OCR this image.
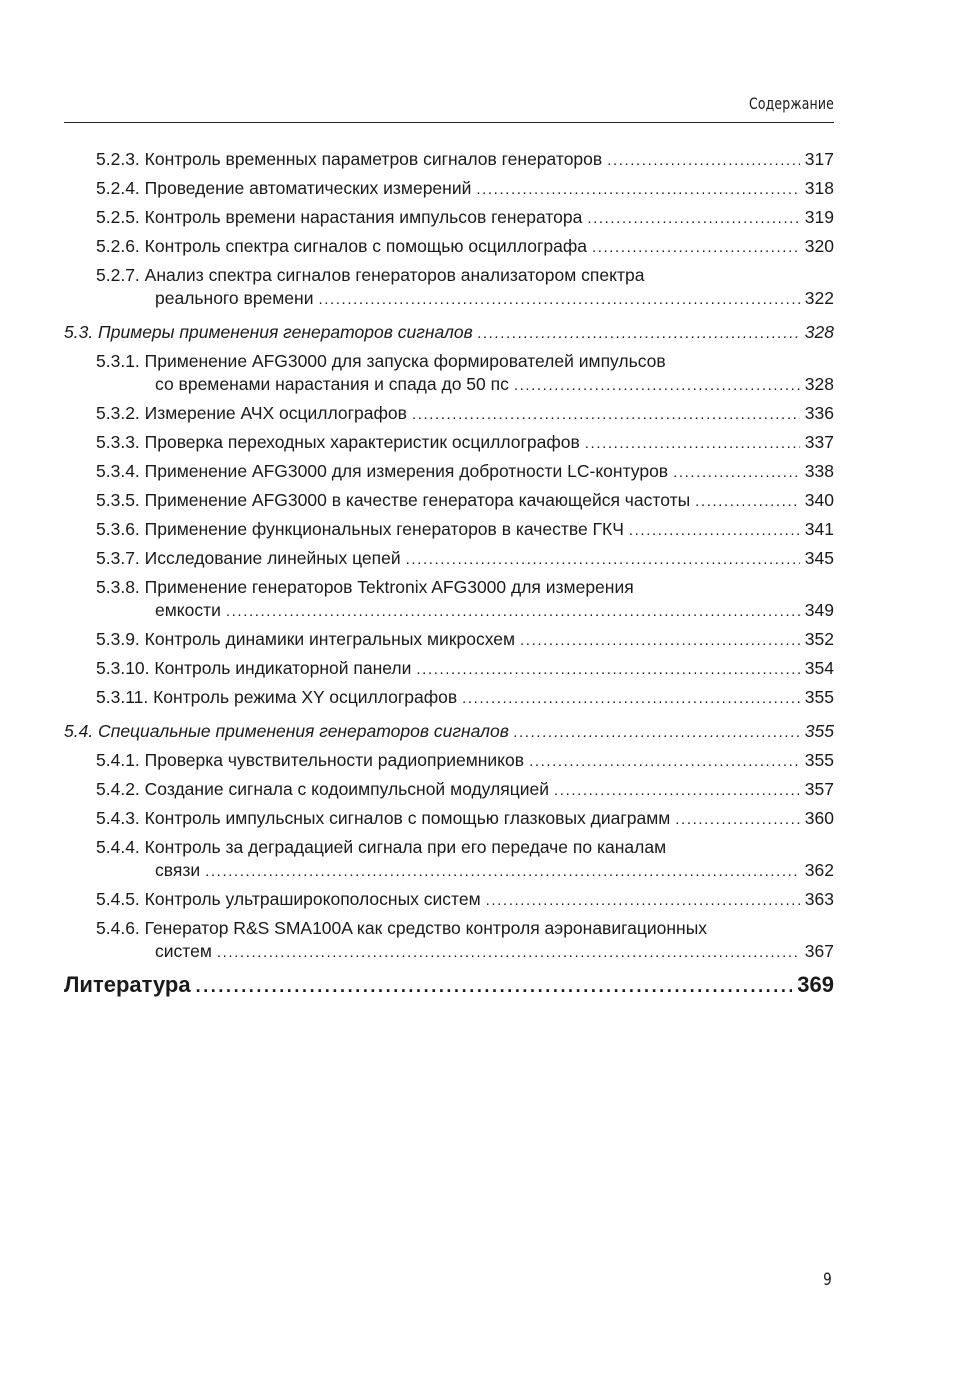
Содержание
5.2.3. Контроль временных параметров сигналов генераторов .....	317
5.2.4. Проведение автоматических измерений .....	318
5.2.5. Контроль времени нарастания импульсов генератора .....	319
5.2.6. Контроль спектра сигналов с помощью осциллографа .....	320
5.2.7. Анализ спектра сигналов генераторов анализатором спектра
реального времени .....	322
5.3. Примеры применения генераторов сигналов .....	328
5.3.1. Применение AFG3000 для запуска формирователей импульсов
со временами нарастания и спада до 50 пс .....	328
5.3.2. Измерение АЧХ осциллографов .....	336
5.3.3. Проверка переходных характеристик осциллографов .....	337
5.3.4. Применение AFG3000 для измерения добротности LC-контуров .....	338
5.3.5. Применение AFG3000 в качестве генератора качающейся частоты .....	340
5.3.6. Применение функциональных генераторов в качестве ГКЧ .....	341
5.3.7. Исследование линейных цепей .....	345
5.3.8. Применение генераторов Tektronix AFG3000 для измерения
емкости .....	349
5.3.9. Контроль динамики интегральных микросхем .....	352
5.3.10. Контроль индикаторной панели .....	354
5.3.11. Контроль режима XY осциллографов .....	355
5.4. Специальные применения генераторов сигналов .....	355
5.4.1. Проверка чувствительности радиоприемников .....	355
5.4.2. Создание сигнала с кодоимпульсной модуляцией .....	357
5.4.3. Контроль импульсных сигналов с помощью глазковых диаграмм .....	360
5.4.4. Контроль за деградацией сигнала при его передаче по каналам
связи .....	362
5.4.5. Контроль ультраширокополосных систем .....	363
5.4.6. Генератор R&S SMA100A как средство контроля аэронавигационных
систем .....	367
Литература .....	369
9
